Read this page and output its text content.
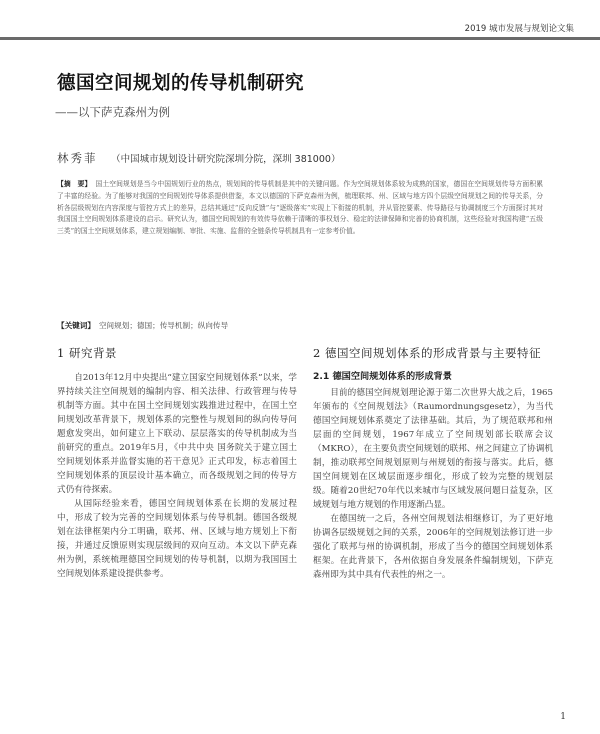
2019 城市发展与规划论文集
德国空间规划的传导机制研究
——以下萨克森州为例
林秀菲 （中国城市规划设计研究院深圳分院，深圳 381000）
【摘　要】 国土空间规划是当今中国规划行业的热点，规划间的传导机制是其中的关键问题。作为空间规划体系较为成熟的国家，德国在空间规划传导方面积累了丰富的经验。为了能够对我国的空间规划传导体系提供借鉴，本文以德国的下萨克森州为例，梳理联邦、州、区域与地方四个层级空间规划之间的传导关系，分析各层级规划在内容深度与管控方式上的差异，总结其通过“反向反馈”与“逐级落实”实现上下衔接的机制，并从管控要素、传导路径与协调制度三个方面探讨其对我国国土空间规划体系建设的启示。研究认为，德国空间规划的有效传导依赖于清晰的事权划分、稳定的法律保障和完善的协商机制，这些经验对我国构建“五级三类”的国土空间规划体系，建立规划编制、审批、实施、监督的全链条传导机制具有一定参考价值。
【关键词】 空间规划；德国；传导机制；纵向传导
1 研究背景

自2013年12月中央提出“建立国家空间规划体系”以来，学界持续关注空间规划的编制内容、相关法律、行政管理与传导机制等方面。其中在国土空间规划实践推进过程中，在国土空间规划改革背景下，规划体系的完整性与规划间的纵向传导问题愈发突出，如何建立上下联动、层层落实的传导机制成为当前研究的重点。2019年5月，《中共中央 国务院关于建立国土空间规划体系并监督实施的若干意见》正式印发，标志着国土空间规划体系的顶层设计基本确立，而各级规划之间的传导方式仍有待探索。

从国际经验来看，德国空间规划体系在长期的发展过程中，形成了较为完善的空间规划体系与传导机制。德国各级规划在法律框架内分工明确，联邦、州、区域与地方规划上下衔接，并通过反馈原则实现层级间的双向互动。本文以下萨克森州为例，系统梳理德国空间规划的传导机制，以期为我国国土空间规划体系建设提供参考。

2 德国空间规划体系的形成背景与主要特征
2.1 德国空间规划体系的形成背景

目前的德国空间规划理论源于第二次世界大战之后，1965年颁布的《空间规划法》（Raumordnungsgesetz），为当代德国空间规划体系奠定了法律基础。其后，为了规范联邦和州层面的空间规划，1967年成立了空间规划部长联席会议（MKRO），在主要负责空间规划的联邦、州之间建立了协调机制，推动联邦空间规划原则与州规划的衔接与落实。此后，德国空间规划在区域层面逐步细化，形成了较为完整的规划层级。随着20世纪70年代以来城市与区域发展问题日益复杂，区域规划与地方规划的作用逐渐凸显。

在德国统一之后，各州空间规划法相继修订，为了更好地协调各层级规划之间的关系，2006年的空间规划法修订进一步强化了联邦与州的协调机制，形成了当今的德国空间规划体系框架。在此背景下，各州依据自身发展条件编制规划，下萨克森州即为其中具有代表性的州之一。

1
